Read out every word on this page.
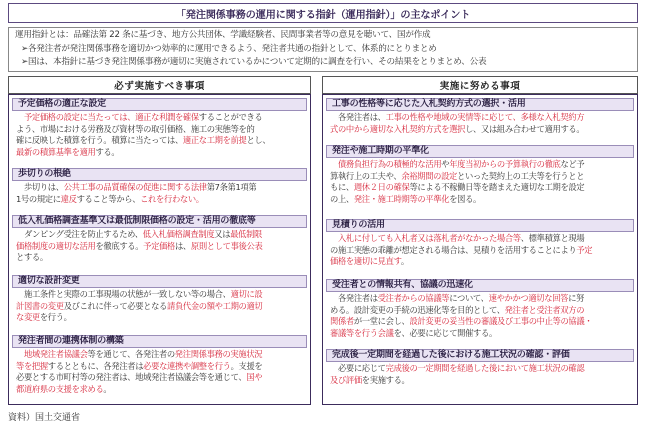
「発注関係事務の運用に関する指針（運用指針）」の主なポイント
運用指針とは：品確法第 22 条に基づき、地方公共団体、学識経験者、民間事業者等の意見を聴いて、国が作成
➢各発注者が発注関係事務を適切かつ効率的に運用できるよう、発注者共通の指針として、体系的にとりまとめ
➢国は、本指針に基づき発注関係事務が適切に実施されているかについて定期的に調査を行い、その結果をとりまとめ、公表
必ず実施すべき事項	実施に努める事項
予定価格の適正な設定
　予定価格の設定に当たっては、適正な利潤を確保することができる
よう、市場における労務及び資材等の取引価格、施工の実態等を的
確に反映した積算を行う。積算に当たっては、適正な工期を前提とし、
最新の積算基準を適用する。
歩切りの根絶
　歩切りは、公共工事の品質確保の促進に関する法律第7条第1項第
1号の規定に違反すること等から、これを行わない。
低入札価格調査基準又は最低制限価格の設定・活用の徹底等
　ダンピング受注を防止するため、低入札価格調査制度又は最低制限
価格制度の適切な活用を徹底する。予定価格は、原則として事後公表
とする。
適切な設計変更
　施工条件と実際の工事現場の状態が一致しない等の場合、適切に設
計図書の変更及びこれに伴って必要となる請負代金の額や工期の適切
な変更を行う。
発注者間の連携体制の構築
　地域発注者協議会等を通じて、各発注者の発注関係事務の実施状況
等を把握するとともに、各発注者は必要な連携や調整を行う。支援を
必要とする市町村等の発注者は、地域発注者協議会等を通じて、国や
都道府県の支援を求める。
工事の性格等に応じた入札契約方式の選択・活用
　各発注者は、工事の性格や地域の実情等に応じて、多様な入札契約方
式の中から適切な入札契約方式を選択し、又は組み合わせて適用する。
発注や施工時期の平準化
　債務負担行為の積極的な活用や年度当初からの予算執行の徹底など予
算執行上の工夫や、余裕期間の設定といった契約上の工夫等を行うとと
もに、週休２日の確保等による不稼働日等を踏まえた適切な工期を設定
の上、発注・施工時期等の平準化を図る。
見積りの活用
　入札に付しても入札者又は落札者がなかった場合等、標準積算と現場
の施工実態の乖離が想定される場合は、見積りを活用することにより予定
価格を適切に見直す。
受注者との情報共有、協議の迅速化
　各発注者は受注者からの協議等について、速やかかつ適切な回答に努
める。設計変更の手続の迅速化等を目的として、発注者と受注者双方の
関係者が一堂に会し、設計変更の妥当性の審議及び工事の中止等の協議・
審議等を行う会議を、必要に応じて開催する。
完成後一定期間を経過した後における施工状況の確認・評価
　必要に応じて完成後の一定期間を経過した後において施工状況の確認
及び評価を実施する。
資料）国土交通省
